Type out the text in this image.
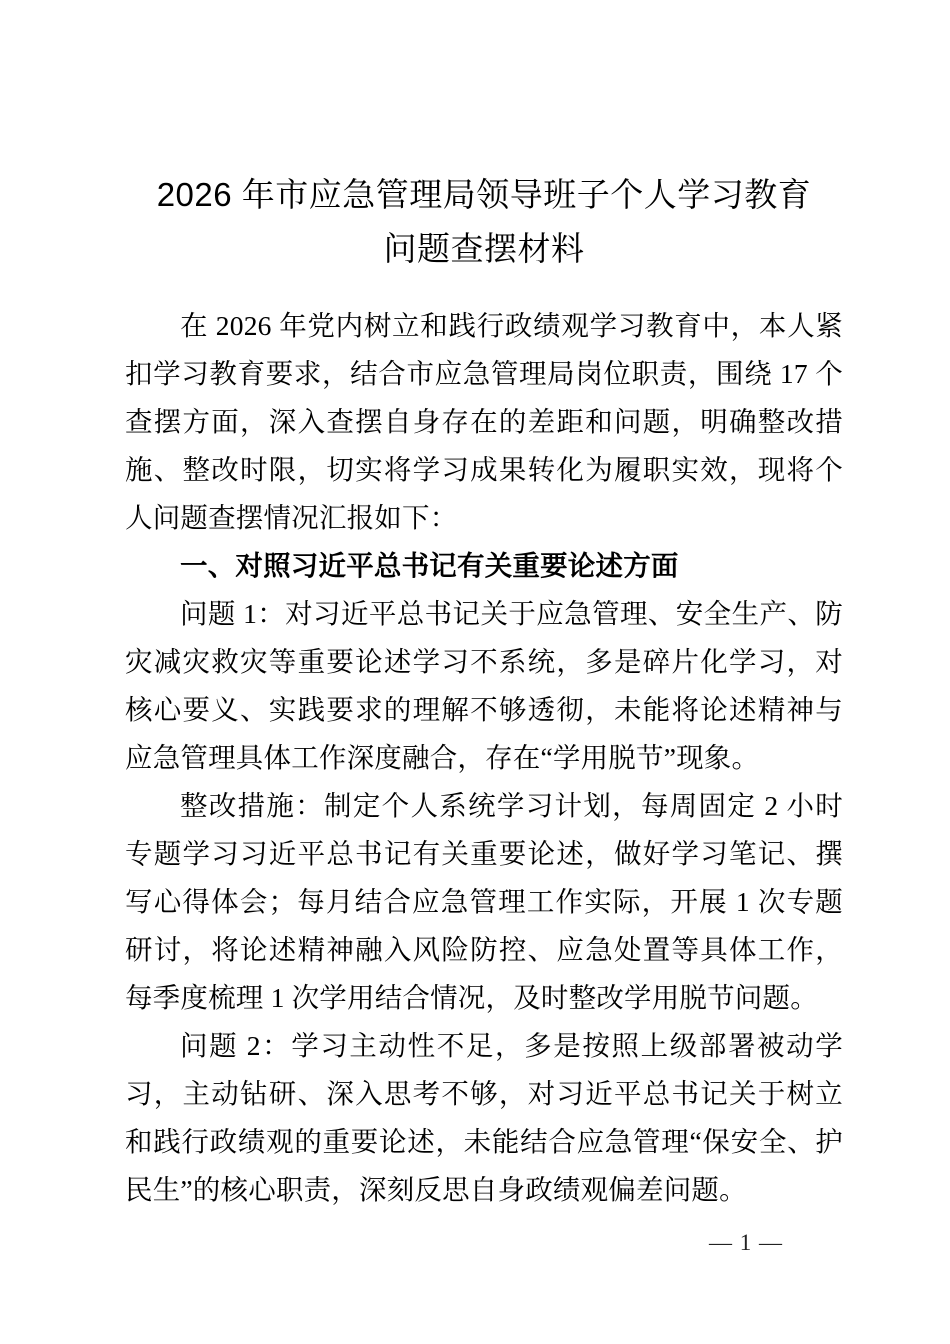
2026 年市应急管理局领导班子个人学习教育
问题查摆材料

在 2026 年党内树立和践行政绩观学习教育中，本人紧扣学习教育要求，结合市应急管理局岗位职责，围绕 17 个查摆方面，深入查摆自身存在的差距和问题，明确整改措施、整改时限，切实将学习成果转化为履职实效，现将个人问题查摆情况汇报如下：

一、对照习近平总书记有关重要论述方面

问题 1：对习近平总书记关于应急管理、安全生产、防灾减灾救灾等重要论述学习不系统，多是碎片化学习，对核心要义、实践要求的理解不够透彻，未能将论述精神与应急管理具体工作深度融合，存在“学用脱节”现象。

整改措施：制定个人系统学习计划，每周固定 2 小时专题学习习近平总书记有关重要论述，做好学习笔记、撰写心得体会；每月结合应急管理工作实际，开展 1 次专题研讨，将论述精神融入风险防控、应急处置等具体工作，每季度梳理 1 次学用结合情况，及时整改学用脱节问题。

问题 2：学习主动性不足，多是按照上级部署被动学习，主动钻研、深入思考不够，对习近平总书记关于树立和践行政绩观的重要论述，未能结合应急管理“保安全、护民生”的核心职责，深刻反思自身政绩观偏差问题。

— 1 —
